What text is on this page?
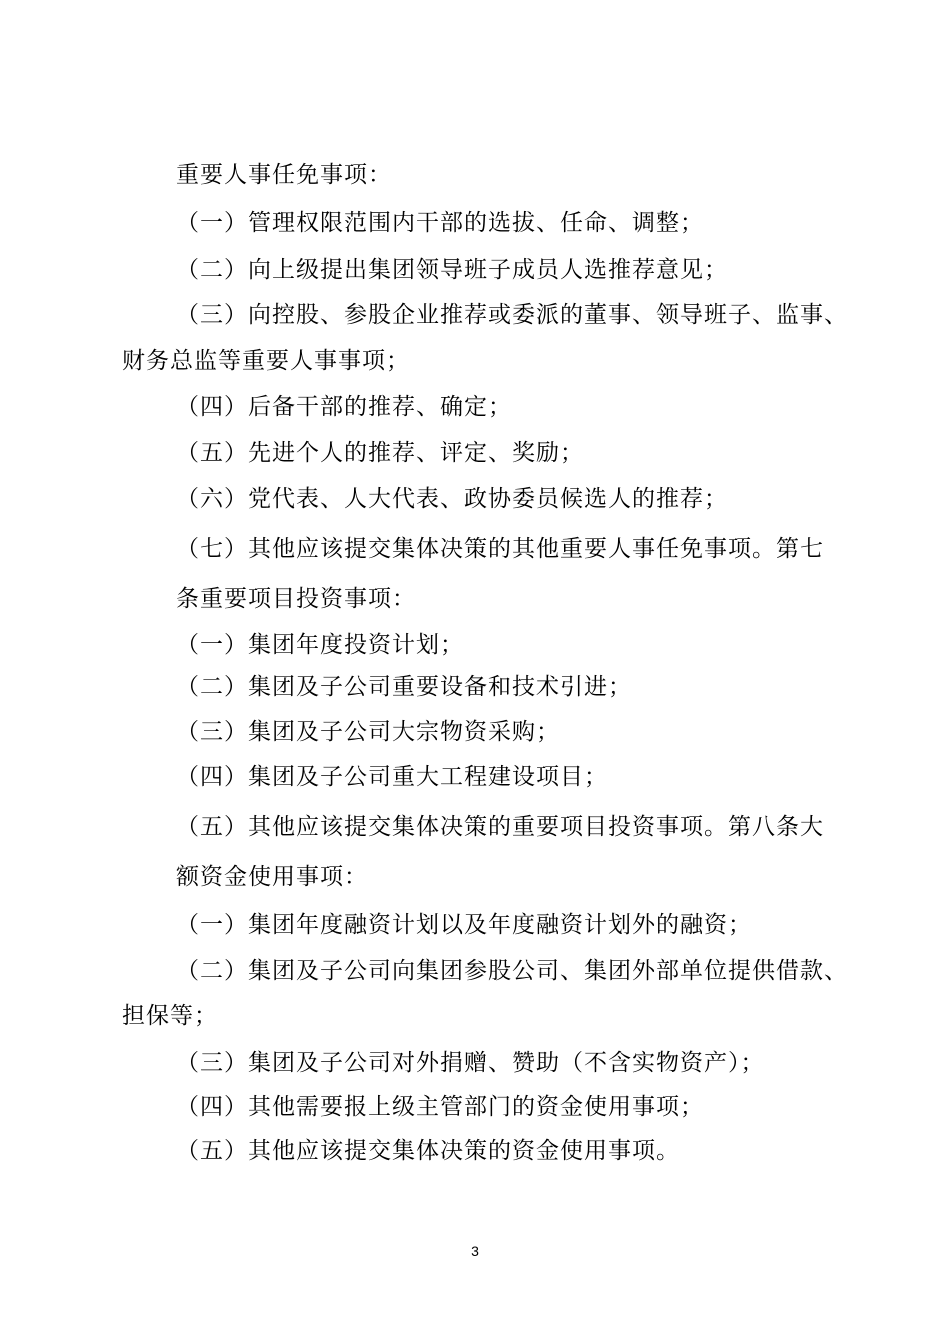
重要人事任免事项：
（一）管理权限范围内干部的选拔、任命、调整；
（二）向上级提出集团领导班子成员人选推荐意见；
（三）向控股、参股企业推荐或委派的董事、领导班子、监事、
财务总监等重要人事事项；
（四）后备干部的推荐、确定；
（五）先进个人的推荐、评定、奖励；
（六）党代表、人大代表、政协委员候选人的推荐；
（七）其他应该提交集体决策的其他重要人事任免事项。第七
条重要项目投资事项：
（一）集团年度投资计划；
（二）集团及子公司重要设备和技术引进；
（三）集团及子公司大宗物资采购；
（四）集团及子公司重大工程建设项目；
（五）其他应该提交集体决策的重要项目投资事项。第八条大
额资金使用事项：
（一）集团年度融资计划以及年度融资计划外的融资；
（二）集团及子公司向集团参股公司、集团外部单位提供借款、
担保等；
（三）集团及子公司对外捐赠、赞助（不含实物资产）；
（四）其他需要报上级主管部门的资金使用事项；
（五）其他应该提交集体决策的资金使用事项。
3
